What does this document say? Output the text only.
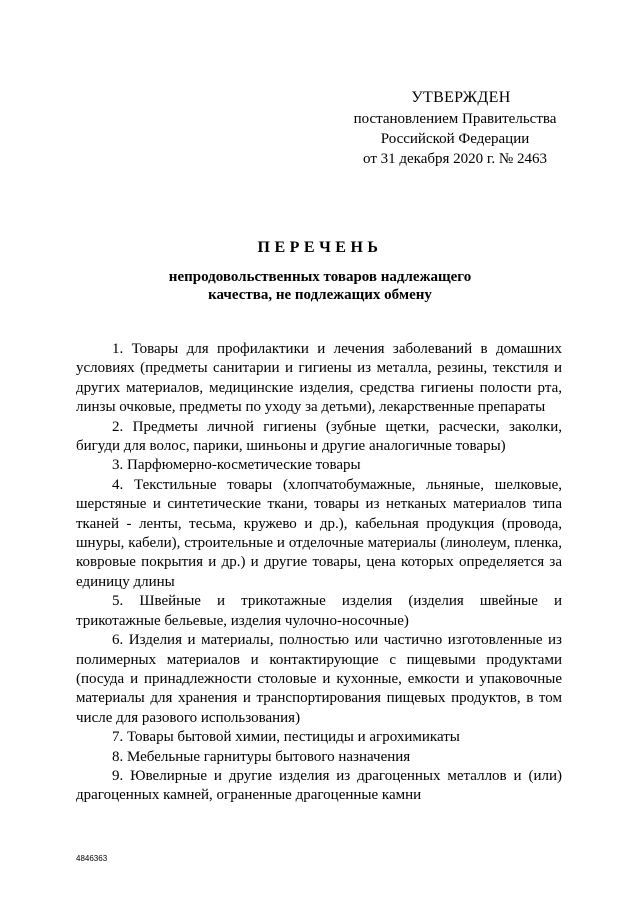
УТВЕРЖДЕН
постановлением Правительства
Российской Федерации
от 31 декабря 2020 г. № 2463
ПЕРЕЧЕНЬ
непродовольственных товаров надлежащего
качества, не подлежащих обмену

1. Товары для профилактики и лечения заболеваний в домашних условиях (предметы санитарии и гигиены из металла, резины, текстиля и других материалов, медицинские изделия, средства гигиены полости рта, линзы очковые, предметы по уходу за детьми), лекарственные препараты

2. Предметы личной гигиены (зубные щетки, расчески, заколки, бигуди для волос, парики, шиньоны и другие аналогичные товары)

3. Парфюмерно-косметические товары

4. Текстильные товары (хлопчатобумажные, льняные, шелковые, шерстяные и синтетические ткани, товары из нетканых материалов типа тканей - ленты, тесьма, кружево и др.), кабельная продукция (провода, шнуры, кабели), строительные и отделочные материалы (линолеум, пленка, ковровые покрытия и др.) и другие товары, цена которых определяется за единицу длины

5. Швейные и трикотажные изделия (изделия швейные и трикотажные бельевые, изделия чулочно-носочные)

6. Изделия и материалы, полностью или частично изготовленные из полимерных материалов и контактирующие с пищевыми продуктами (посуда и принадлежности столовые и кухонные, емкости и упаковочные материалы для хранения и транспортирования пищевых продуктов, в том числе для разового использования)

7. Товары бытовой химии, пестициды и агрохимикаты

8. Мебельные гарнитуры бытового назначения

9. Ювелирные и другие изделия из драгоценных металлов и (или) драгоценных камней, ограненные драгоценные камни

4846363
